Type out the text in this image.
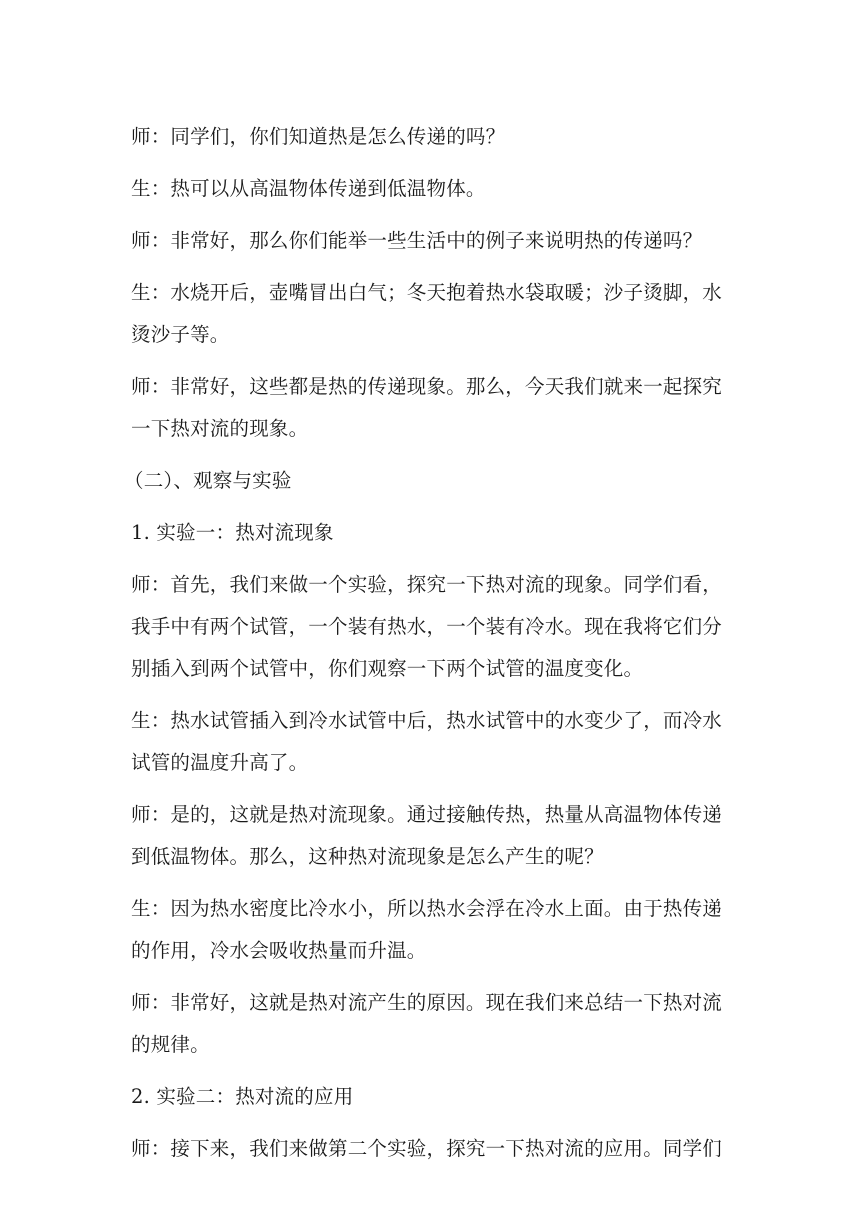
师：同学们，你们知道热是怎么传递的吗？
生：热可以从高温物体传递到低温物体。
师：非常好，那么你们能举一些生活中的例子来说明热的传递吗？
生：水烧开后，壶嘴冒出白气；冬天抱着热水袋取暖；沙子烫脚，水
烫沙子等。
师：非常好，这些都是热的传递现象。那么，今天我们就来一起探究
一下热对流的现象。
（二）、观察与实验
1. 实验一：热对流现象
师：首先，我们来做一个实验，探究一下热对流的现象。同学们看，
我手中有两个试管，一个装有热水，一个装有冷水。现在我将它们分
别插入到两个试管中，你们观察一下两个试管的温度变化。
生：热水试管插入到冷水试管中后，热水试管中的水变少了，而冷水
试管的温度升高了。
师：是的，这就是热对流现象。通过接触传热，热量从高温物体传递
到低温物体。那么，这种热对流现象是怎么产生的呢？
生：因为热水密度比冷水小，所以热水会浮在冷水上面。由于热传递
的作用，冷水会吸收热量而升温。
师：非常好，这就是热对流产生的原因。现在我们来总结一下热对流
的规律。
2. 实验二：热对流的应用
师：接下来，我们来做第二个实验，探究一下热对流的应用。同学们
